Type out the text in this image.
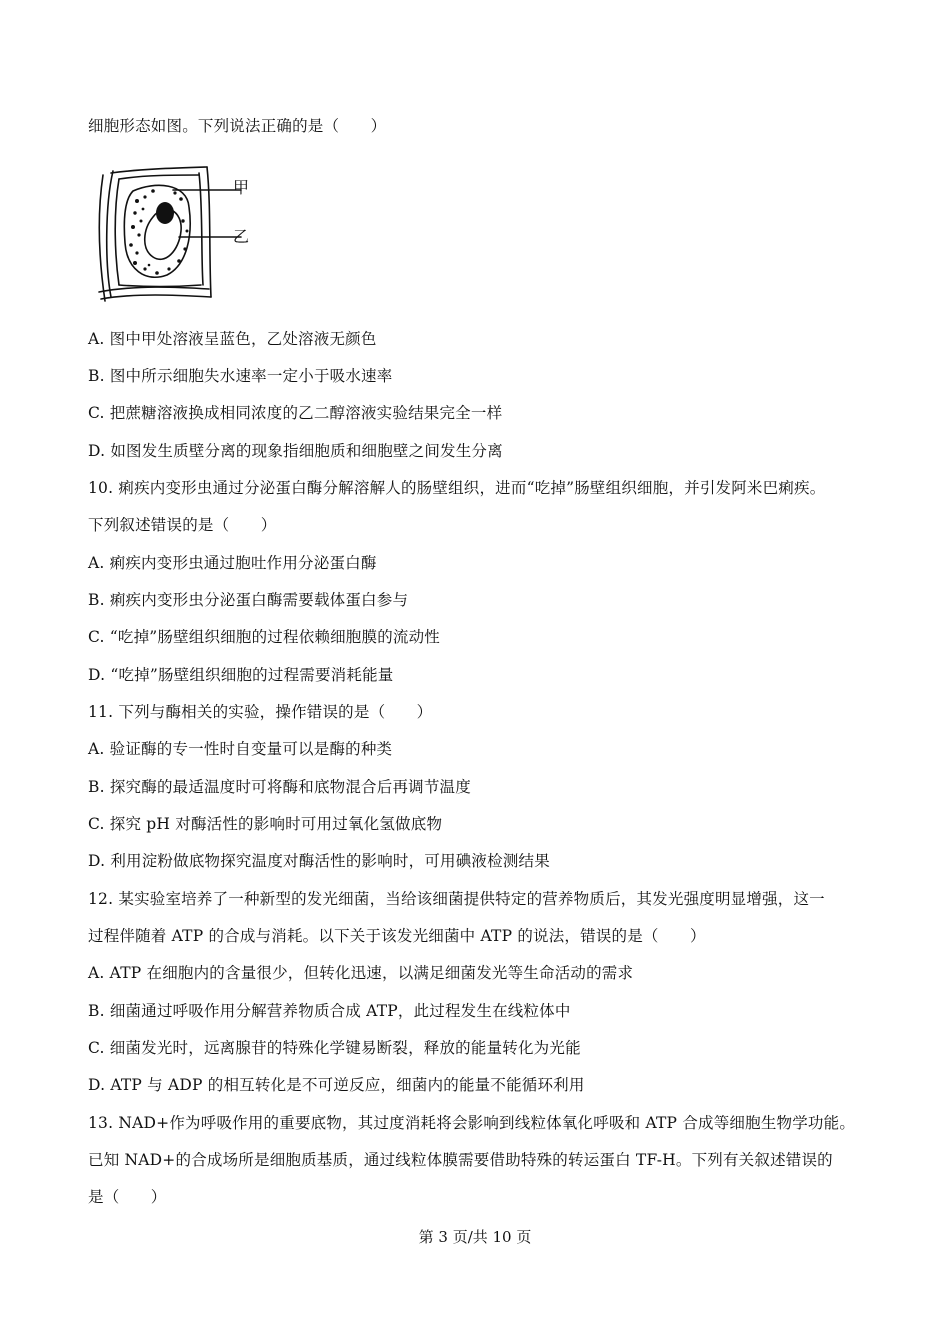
细胞形态如图。下列说法正确的是（　　）
甲
乙
A. 图中甲处溶液呈蓝色，乙处溶液无颜色
B. 图中所示细胞失水速率一定小于吸水速率
C. 把蔗糖溶液换成相同浓度的乙二醇溶液实验结果完全一样
D. 如图发生质壁分离的现象指细胞质和细胞壁之间发生分离
10. 痢疾内变形虫通过分泌蛋白酶分解溶解人的肠壁组织，进而“吃掉”肠壁组织细胞，并引发阿米巴痢疾。
下列叙述错误的是（　　）
A. 痢疾内变形虫通过胞吐作用分泌蛋白酶
B. 痢疾内变形虫分泌蛋白酶需要载体蛋白参与
C. “吃掉”肠壁组织细胞的过程依赖细胞膜的流动性
D. “吃掉”肠壁组织细胞的过程需要消耗能量
11. 下列与酶相关的实验，操作错误的是（　　）
A. 验证酶的专一性时自变量可以是酶的种类
B. 探究酶的最适温度时可将酶和底物混合后再调节温度
C. 探究 pH 对酶活性的影响时可用过氧化氢做底物
D. 利用淀粉做底物探究温度对酶活性的影响时，可用碘液检测结果
12. 某实验室培养了一种新型的发光细菌，当给该细菌提供特定的营养物质后，其发光强度明显增强，这一
过程伴随着 ATP 的合成与消耗。以下关于该发光细菌中 ATP 的说法，错误的是（　　）
A. ATP 在细胞内的含量很少，但转化迅速，以满足细菌发光等生命活动的需求
B. 细菌通过呼吸作用分解营养物质合成 ATP，此过程发生在线粒体中
C. 细菌发光时，远离腺苷的特殊化学键易断裂，释放的能量转化为光能
D. ATP 与 ADP 的相互转化是不可逆反应，细菌内的能量不能循环利用
13. NAD+作为呼吸作用的重要底物，其过度消耗将会影响到线粒体氧化呼吸和 ATP 合成等细胞生物学功能。
已知 NAD+的合成场所是细胞质基质，通过线粒体膜需要借助特殊的转运蛋白 TF-H。下列有关叙述错误的
是（　　）
第 3 页/共 10 页
